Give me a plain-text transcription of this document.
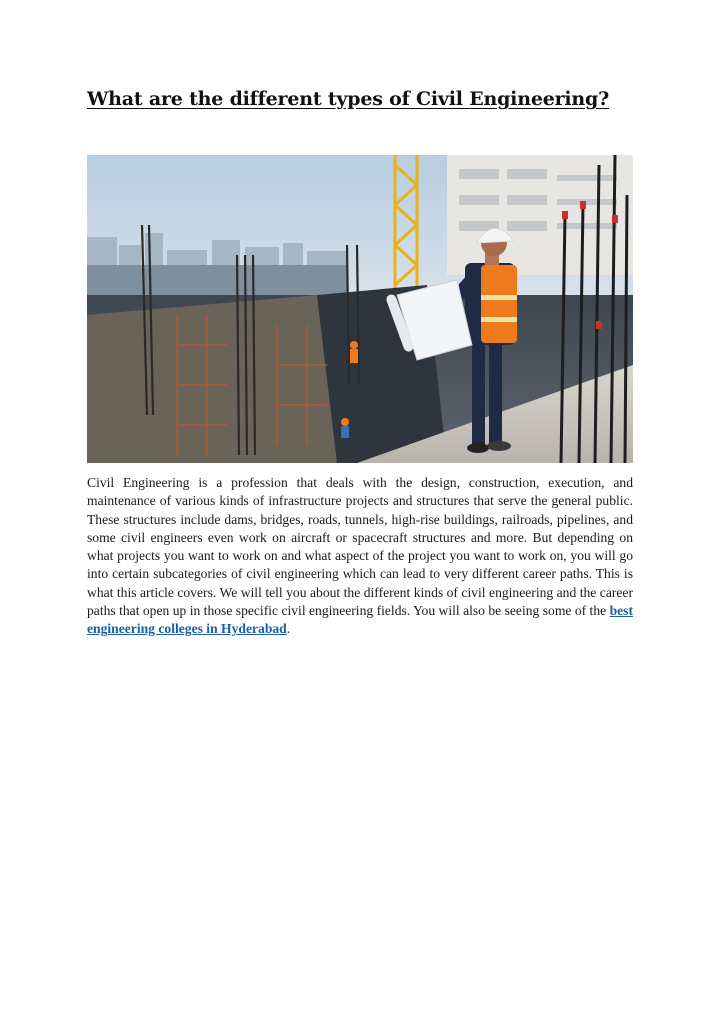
What are the different types of Civil Engineering?

Civil Engineering is a profession that deals with the design, construction, execution, and maintenance of various kinds of infrastructure projects and structures that serve the general public. These structures include dams, bridges, roads, tunnels, high-rise buildings, railroads, pipelines, and some civil engineers even work on aircraft or spacecraft structures and more. But depending on what projects you want to work on and what aspect of the project you want to work on, you will go into certain subcategories of civil engineering which can lead to very different career paths. This is what this article covers. We will tell you about the different kinds of civil engineering and the career paths that open up in those specific civil engineering fields. You will also be seeing some of the best engineering colleges in Hyderabad.
